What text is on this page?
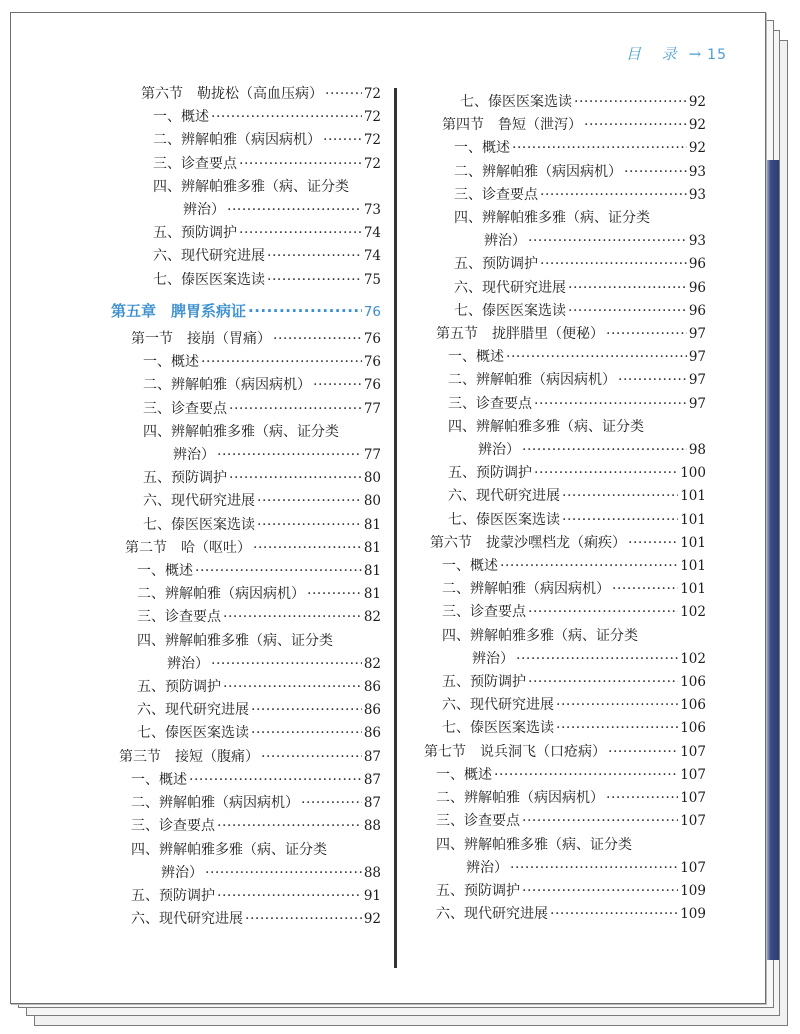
目 录 → 15
第六节　勒拢松（高血压病） ·····	72
一、概述 ·····	72
二、辨解帕雅（病因病机） ·····	72
三、诊查要点 ·····	72
四、辨解帕雅多雅（病、证分类
辨治） ·····	73
五、预防调护 ·····	74
六、现代研究进展 ·····	74
七、傣医医案选读 ·····	75
第五章　脾胃系病证 ·····	76
第一节　接崩（胃痛） ·····	76
一、概述 ·····	76
二、辨解帕雅（病因病机） ·····	76
三、诊查要点 ·····	77
四、辨解帕雅多雅（病、证分类
辨治） ·····	77
五、预防调护 ·····	80
六、现代研究进展 ·····	80
七、傣医医案选读 ·····	81
第二节　哈（呕吐） ·····	81
一、概述 ·····	81
二、辨解帕雅（病因病机） ·····	81
三、诊查要点 ·····	82
四、辨解帕雅多雅（病、证分类
辨治） ·····	82
五、预防调护 ·····	86
六、现代研究进展 ·····	86
七、傣医医案选读 ·····	86
第三节　接短（腹痛） ·····	87
一、概述 ·····	87
二、辨解帕雅（病因病机） ·····	87
三、诊查要点 ·····	88
四、辨解帕雅多雅（病、证分类
辨治） ·····	88
五、预防调护 ·····	91
六、现代研究进展 ·····	92
七、傣医医案选读 ·····	92
第四节　鲁短（泄泻） ·····	92
一、概述 ·····	92
二、辨解帕雅（病因病机） ·····	93
三、诊查要点 ·····	93
四、辨解帕雅多雅（病、证分类
辨治） ·····	93
五、预防调护 ·····	96
六、现代研究进展 ·····	96
七、傣医医案选读 ·····	96
第五节　拢胖腊里（便秘） ·····	97
一、概述 ·····	97
二、辨解帕雅（病因病机） ·····	97
三、诊查要点 ·····	97
四、辨解帕雅多雅（病、证分类
辨治） ·····	98
五、预防调护 ·····	100
六、现代研究进展 ·····	101
七、傣医医案选读 ·····	101
第六节　拢蒙沙嘿档龙（痢疾） ·····	101
一、概述 ·····	101
二、辨解帕雅（病因病机） ·····	101
三、诊查要点 ·····	102
四、辨解帕雅多雅（病、证分类
辨治） ·····	102
五、预防调护 ·····	106
六、现代研究进展 ·····	106
七、傣医医案选读 ·····	106
第七节　说兵洞飞（口疮病） ·····	107
一、概述 ·····	107
二、辨解帕雅（病因病机） ·····	107
三、诊查要点 ·····	107
四、辨解帕雅多雅（病、证分类
辨治） ·····	107
五、预防调护 ·····	109
六、现代研究进展 ·····	109
